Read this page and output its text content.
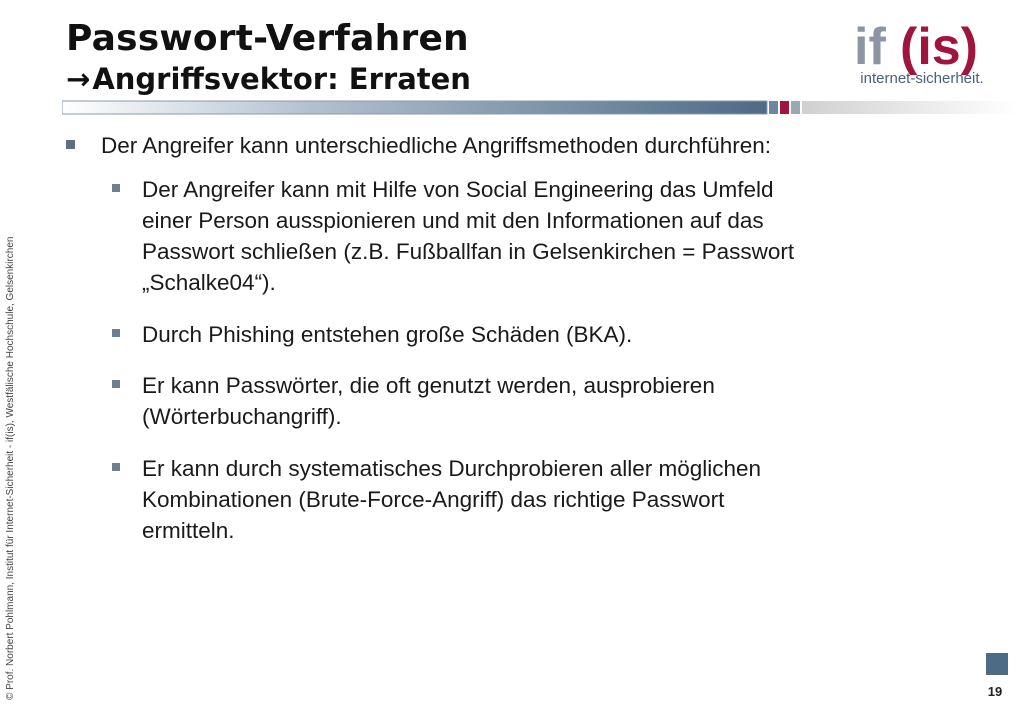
Passwort-Verfahren
→Angriffsvektor: Erraten
if (is)
internet-sicherheit.
Der Angreifer kann unterschiedliche Angriffsmethoden durchführen:
Der Angreifer kann mit Hilfe von Social Engineering das Umfeld
einer Person ausspionieren und mit den Informationen auf das
Passwort schließen (z.B. Fußballfan in Gelsenkirchen = Passwort
„Schalke04“).
Durch Phishing entstehen große Schäden (BKA).
Er kann Passwörter, die oft genutzt werden, ausprobieren
(Wörterbuchangriff).
Er kann durch systematisches Durchprobieren aller möglichen
Kombinationen (Brute-Force-Angriff) das richtige Passwort
ermitteln.
© Prof. Norbert Pohlmann, Institut für Internet-Sicherheit - if(is), Westfälische Hochschule, Gelsenkirchen	19
